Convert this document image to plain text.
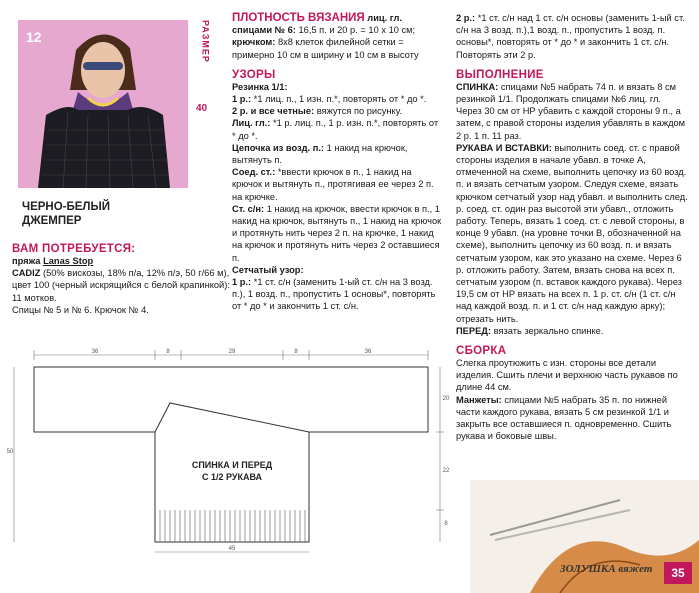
12	РАЗМЕР
40
ЧЕРНО-БЕЛЫЙ
ДЖЕМПЕР
ВАМ ПОТРЕБУЕТСЯ:

пряжа Lanas Stop

CADIZ (50% вискозы, 18% п/а, 12% п/э, 50 г/66 м), цвет 100 (черный искрящийся с белой крапинкой): 11 мотков.

Спицы № 5 и № 6. Крючок № 4.

ПЛОТНОСТЬ ВЯЗАНИЯ лиц. гл. спицами № 6: 16,5 п. и 20 р. = 10 x 10 см;

крючком: 8x8 клеток филейной сетки = примерно 10 см в ширину и 10 см в высоту

УЗОРЫ

Резинка 1/1:

1 р.: *1 лиц. п., 1 изн. п.*, повторять от * до *.

2 р. и все четные: вяжутся по рисунку.

Лиц. гл.: *1 р. лиц. п., 1 р. изн. п.*, повторять от * до *.

Цепочка из возд. п.: 1 накид на крючок, вытянуть п.

Соед. ст.: *ввести крючок в п., 1 накид на крючок и вытянуть п., протягивая ее через 2 п. на крючке.

Ст. с/н: 1 накид на крючок, ввести крючок в п., 1 накид на крючок, вытянуть п., 1 накид на крючок и протянуть нить через 2 п. на крючке, 1 накид на крючок и протянуть нить через 2 оставшиеся п.

Сетчатый узор:

1 р.: *1 ст. с/н (заменить 1-ый ст. с/н на 3 возд. п.), 1 возд. п., пропустить 1 основы*, повторять от * до * и закончить 1 ст. с/н.

2 р.: *1 ст. с/н над 1 ст. с/н основы (заменить 1-ый ст. с/н на 3 возд. п.),1 возд. п., пропустить 1 возд. п. основы*, повторять от * до * и закончить 1 ст. с/н. Повторять эти 2 р.

ВЫПОЛНЕНИЕ

СПИНКА: спицами №5 набрать 74 п. и вязать 8 см резинкой 1/1. Продолжать спицами №6 лиц. гл. Через 30 см от НР убавить с каждой стороны 9 п., а затем, с правой стороны изделия убавлять в каждом 2 р. 1 п. 11 раз.

РУКАВА И ВСТАВКИ: выполнить соед. ст. с правой стороны изделия в начале убавл. в точке А, отмеченной на схеме, выполнить цепочку из 60 возд. п. и вязать сетчатым узором. Следуя схеме, вязать крючком сетчатый узор над убавл. и выполнить след. р. соед. ст. один раз высотой эти убавл., отложить работу. Теперь, вязать 1 соед. ст. с левой стороны, в конце 9 убавл. (на уровне точки В, обозначенной на схеме), выполнить цепочку из 60 возд. п. и вязать сетчатым узором, как это указано на схеме. Через 6 р. отложить работу. Затем, вязать снова на всех п. сетчатым узором (п. вставок каждого рукава). Через 19,5 см от НР вязать на всех п. 1 р. ст. с/н (1 ст. с/н над каждой возд. п. и 1 ст. с/н над каждую арку); отрезать нить.

ПЕРЕД: вязать зеркально спинке.

СБОРКА

Слегка проутюжить с изн. стороны все детали изделия. Сшить плечи и верхнюю часть рукавов по длине 44 см.

Манжеты: спицами №5 набрать 35 п. по нижней части каждого рукава, вязать 5 см резинкой 1/1 и закрыть все оставшиеся п. одновременно. Сшить рукава и боковые швы.

36	8	29	8	36
50
20
22
8
45
СПИНКА И ПЕРЕД
С 1/2 РУКАВА
ЗОЛУШКА вяжет	35
